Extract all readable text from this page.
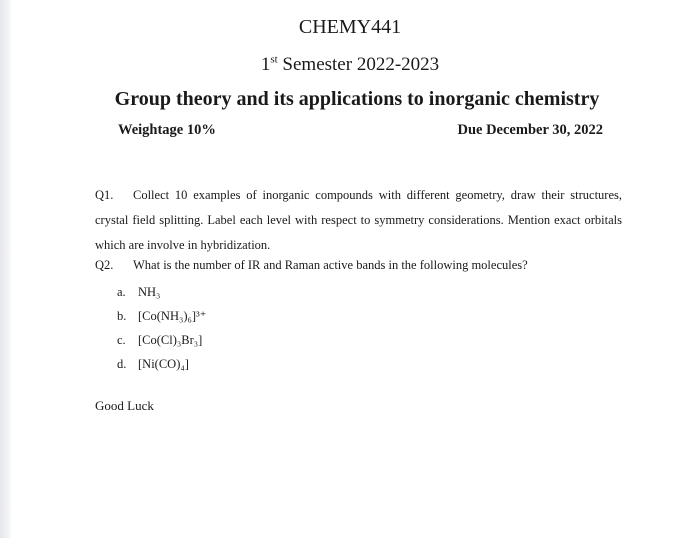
CHEMY441
1st Semester 2022-2023
Group theory and its applications to inorganic chemistry
Weightage 10%	Due December 30, 2022
Q1. Collect 10 examples of inorganic compounds with different geometry, draw their structures, crystal field splitting. Label each level with respect to symmetry considerations. Mention exact orbitals which are involve in hybridization.
Q2. What is the number of IR and Raman active bands in the following molecules?
a. NH₃
b. [Co(NH₃)₆]³⁺
c. [Co(Cl)₃Br₃]
d. [Ni(CO)₄]
Good Luck
